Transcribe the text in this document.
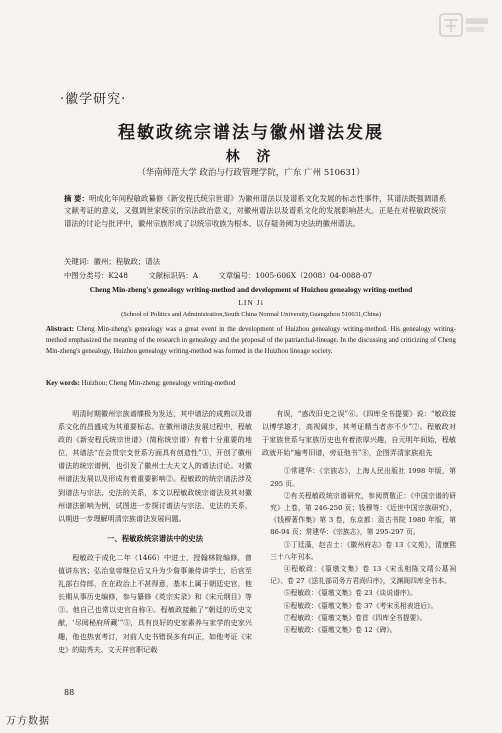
·徽学研究·
程敏政统宗谱法与徽州谱法发展
林 济
（华南师范大学 政治与行政管理学院，广东 广州 510631）
摘 要：明成化年间程敏政纂修《新安程氏统宗世谱》为徽州谱法以及谱系文化发展的标志性事件，其谱法既强调谱系文献考证的意义，又强调世家统宗的宗法政治意义，对徽州谱法以及谱系文化的发展影响甚大。正是在对程敏政统宗谱法的讨论与批评中，徽州宗族形成了以统宗收族为根本、以存疑务阙为史法的徽州谱法。
关键词：徽州；程敏政；谱法
中图分类号：K248	文献标识码：A	文章编号：1005-606X（2008）04-0088-07
Cheng Min-zheng's genealogy writing-method and development of Huizhou genealogy writing-method
LIN Ji
(School of Politics and Administration,South China Normal University,Guangzhou 510631,China)
Abstract: Cheng Min-zheng's genealogy was a great event in the development of Huizhou genealogy writing-method. His genealogy writing-method emphasized the meaning of the research in genealogy and the proposal of the patriarchal-lineage. In the discussing and criticizing of Cheng Min-zheng's genealogy, Huizhou genealogy writing-method was formed in the Huizhou lineage society.
Key words: Huizhou; Cheng Min-zheng; genealogy writing-method

明清时期徽州宗族谱牒极为发达，其中谱法的成熟以及谱系文化的昌盛成为其重要标志。在徽州谱法发展过程中，程敏政的《新安程氏统宗世谱》（简称统宗谱）有着十分重要的地位，其谱法“在会贯宗支世系方面具有创造性”①，开创了徽州谱法的统宗谱例，也引发了徽州士大夫文人的谱法讨论。对徽州谱法发展以及形成有着重要影响②。程敏政的统宗谱法涉及到谱法与宗法、史法的关系，本文以程敏政统宗谱法及其对徽州谱法影响为例，试图进一步探讨谱法与宗法、史法的关系，以期进一步理解明清宗族谱法发展问题。

一、程敏政统宗谱法中的史法

程敏政于成化二年（1466）中进士，授翰林院编修，曾值讲东宫；弘治皇帝继位后又升为少詹事兼侍讲学士，后官至礼部右侍郎，在在政治上不甚得意，基本上属于朝廷史官，他长期从事历史编修，参与纂修《英宗实录》和《宋元纲目》等③。他自己也常以史官自称④。程敏政接触了“朝廷的历史文献，‘尽阅秘府所藏’”⑤，具有良好的史家素养与家学的史家兴趣，他也热衷考订，对前人史书错误多有纠正，如他考证《宋史》的陆秀夫、文天祥官职记载

有误，“惑改旧史之误”⑥。《四库全书提要》说：“敏政接以博学雄才，高视阔步，其考证精当者亦不少”⑦。程敏政对于家族世系与家族历史也有着浓厚兴趣，自元明年间始，程敏政就开始“遍考旧谱，旁证他书”⑧，企图弄清家族祖先

①常建华：《宗族志》，上海人民出版社 1998 年版，第 295 页。

②有关程敏政统宗谱研究，参阅贾敬正：《中国宗谱的研究》上卷，第 246-250 页；钱穆等：《近世中国宗族研究》，《钱穆著作集》第 3 卷，东京都：汲古书院 1980 年版，第 86-94 页；常建华：《宗族志》，第 295-297 页。

③丁廷藻，赵吉士：《徽州府志》卷 13《文苑》，清康熙三十八年刊本。

④程敏政：《篁墩文集》卷 13《宋丞相陈文靖公墓祠记》、卷 27《送礼部司务方君尚归序》，文渊阁四库全书本。

⑤程敏政：《篁墩文集》卷 23《谈说谱序》。

⑥程敏政：《篁墩文集》卷 37《考宋丞相表进后》。

⑦程敏政：《篁墩文集》卷首《四库全书提要》。

⑧程敏政：《篁墩文集》卷 12《碑》。

88
万方数据
